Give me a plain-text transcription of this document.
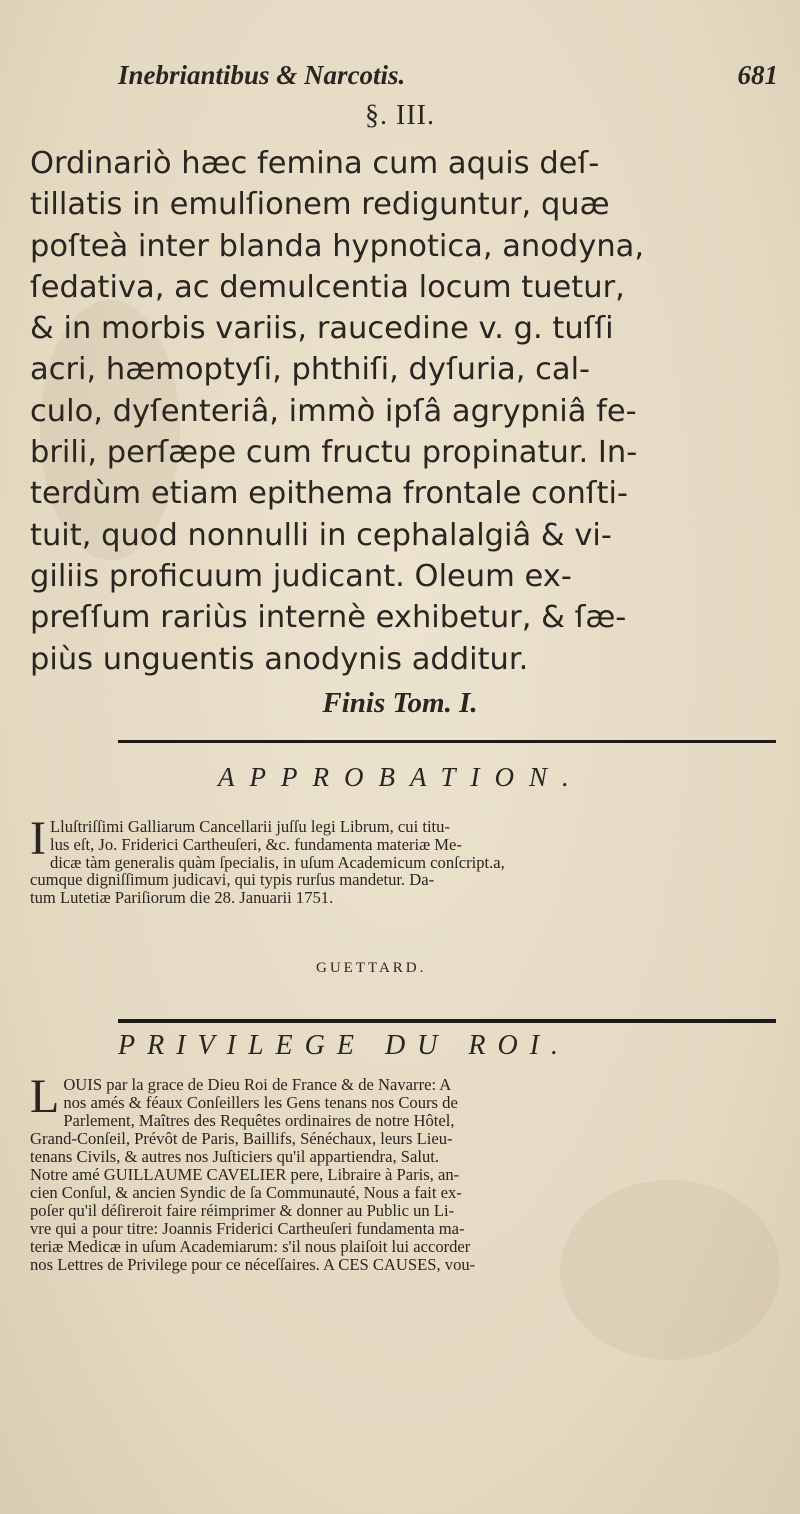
Inebriantibus & Narcotis.	681
§. III.
Ordinariò hæc femina cum aquis deſ-
tillatis in emulſionem rediguntur, quæ
poſteà inter blanda hypnotica, anodyna,
ſedativa, ac demulcentia locum tuetur,
& in morbis variis, raucedine v. g. tuſſi
acri, hæmoptyſi, phthiſi, dyſuria, cal-
culo, dyſenteriâ, immò ipſâ agrypniâ fe-
brili, perſæpe cum fructu propinatur. In-
terdùm etiam epithema frontale conſti-
tuit, quod nonnulli in cephalalgiâ & vi-
giliis proficuum judicant. Oleum ex-
preſſum rariùs internè exhibetur, & ſæ-
piùs unguentis anodynis additur.
Finis Tom. I.
APPROBATION.
I Lluſtriſſimi Galliarum Cancellarii juſſu legi Librum, cui titu-
lus eſt, Jo. Friderici Cartheuſeri, &c. fundamenta materiæ Me-
dicæ tàm generalis quàm ſpecialis, in uſum Academicum conſcript.a,
cumque digniſſimum judicavi, qui typis rurſus mandetur. Da-
tum Lutetiæ Pariſiorum die 28. Januarii 1751.
GUETTARD.
PRIVILEGE DU ROI.
L OUIS par la grace de Dieu Roi de France & de Navarre: A
nos amés & féaux Conſeillers les Gens tenans nos Cours de
Parlement, Maîtres des Requêtes ordinaires de notre Hôtel,
Grand-Conſeil, Prévôt de Paris, Baillifs, Sénéchaux, leurs Lieu-
tenans Civils, & autres nos Juſticiers qu'il appartiendra, Salut.
Notre amé GUILLAUME CAVELIER pere, Libraire à Paris, an-
cien Conſul, & ancien Syndic de ſa Communauté, Nous a fait ex-
poſer qu'il déſireroit faire réimprimer & donner au Public un Li-
vre qui a pour titre: Joannis Friderici Cartheuſeri fundamenta ma-
teriæ Medicæ in uſum Academiarum: s'il nous plaiſoit lui accorder
nos Lettres de Privilege pour ce néceſſaires. A CES CAUSES, vou-
